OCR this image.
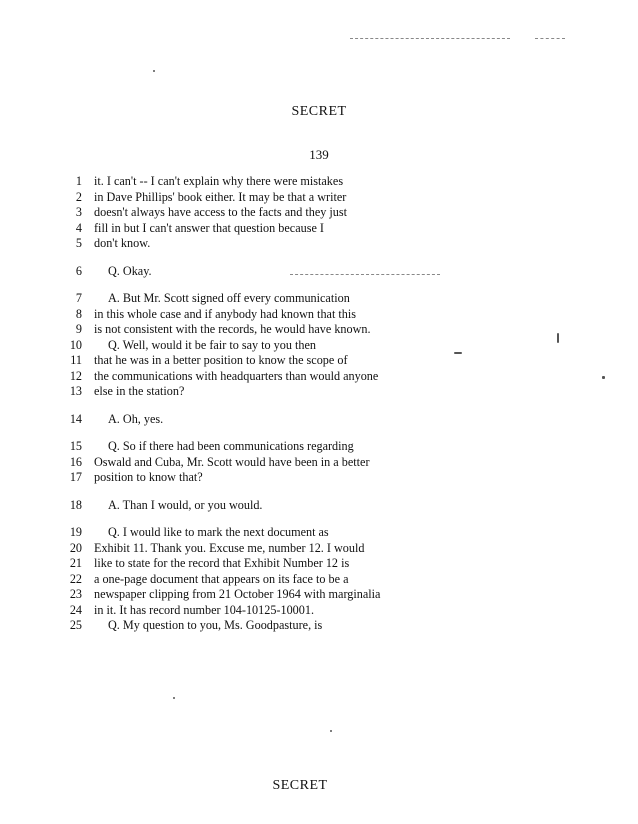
SECRET
139
1 it. I can't -- I can't explain why there were mistakes
2 in Dave Phillips' book either. It may be that a writer
3 doesn't always have access to the facts and they just
4 fill in but I can't answer that question because I
5 don't know.
6	Q. Okay.
7	A. But Mr. Scott signed off every communication
8 in this whole case and if anybody had known that this
9 is not consistent with the records, he would have known.
10	Q. Well, would it be fair to say to you then
11 that he was in a better position to know the scope of
12 the communications with headquarters than would anyone
13 else in the station?
14	A. Oh, yes.
15	Q. So if there had been communications regarding
16 Oswald and Cuba, Mr. Scott would have been in a better
17 position to know that?
18	A. Than I would, or you would.
19	Q. I would like to mark the next document as
20 Exhibit 11. Thank you. Excuse me, number 12. I would
21 like to state for the record that Exhibit Number 12 is
22 a one-page document that appears on its face to be a
23 newspaper clipping from 21 October 1964 with marginalia
24 in it. It has record number 104-10125-10001.
25	Q. My question to you, Ms. Goodpasture, is
SECRET
